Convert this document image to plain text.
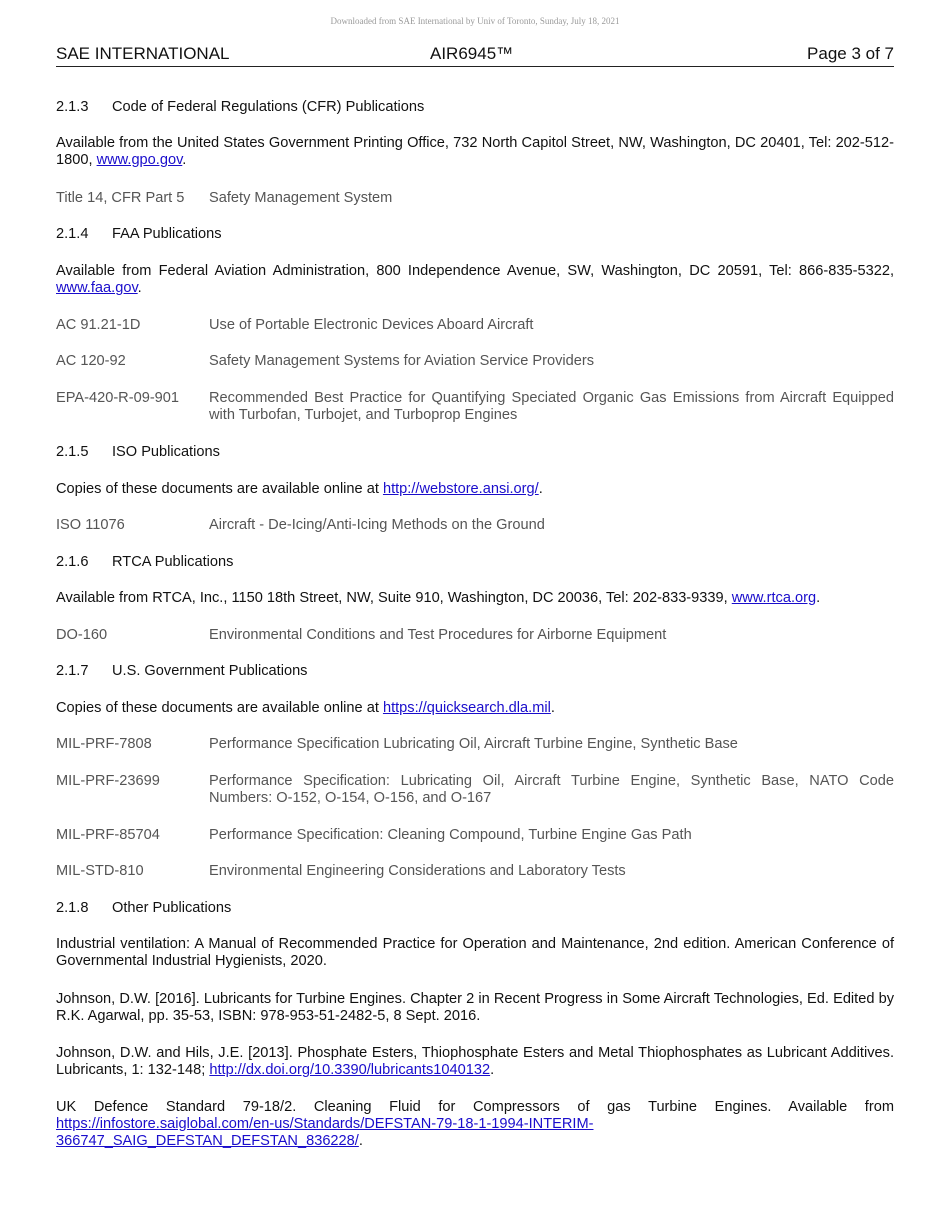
Downloaded from SAE International by Univ of Toronto, Sunday, July 18, 2021
SAE INTERNATIONAL	AIR6945™	Page 3 of 7
2.1.3 Code of Federal Regulations (CFR) Publications
Available from the United States Government Printing Office, 732 North Capitol Street, NW, Washington, DC 20401, Tel: 202-512-1800, www.gpo.gov.
Title 14, CFR Part 5	Safety Management System
2.1.4 FAA Publications
Available from Federal Aviation Administration, 800 Independence Avenue, SW, Washington, DC 20591, Tel: 866-835-5322, www.faa.gov.
AC 91.21-1D	Use of Portable Electronic Devices Aboard Aircraft
AC 120-92	Safety Management Systems for Aviation Service Providers
EPA-420-R-09-901	Recommended Best Practice for Quantifying Speciated Organic Gas Emissions from Aircraft Equipped with Turbofan, Turbojet, and Turboprop Engines
2.1.5 ISO Publications
Copies of these documents are available online at http://webstore.ansi.org/.
ISO 11076	Aircraft - De-Icing/Anti-Icing Methods on the Ground
2.1.6 RTCA Publications
Available from RTCA, Inc., 1150 18th Street, NW, Suite 910, Washington, DC 20036, Tel: 202-833-9339, www.rtca.org.
DO-160	Environmental Conditions and Test Procedures for Airborne Equipment
2.1.7 U.S. Government Publications
Copies of these documents are available online at https://quicksearch.dla.mil.
MIL-PRF-7808	Performance Specification Lubricating Oil, Aircraft Turbine Engine, Synthetic Base
MIL-PRF-23699	Performance Specification: Lubricating Oil, Aircraft Turbine Engine, Synthetic Base, NATO Code Numbers: O-152, O-154, O-156, and O-167
MIL-PRF-85704	Performance Specification: Cleaning Compound, Turbine Engine Gas Path
MIL-STD-810	Environmental Engineering Considerations and Laboratory Tests
2.1.8 Other Publications
Industrial ventilation: A Manual of Recommended Practice for Operation and Maintenance, 2nd edition. American Conference of Governmental Industrial Hygienists, 2020.
Johnson, D.W. [2016]. Lubricants for Turbine Engines. Chapter 2 in Recent Progress in Some Aircraft Technologies, Ed. Edited by R.K. Agarwal, pp. 35-53, ISBN: 978-953-51-2482-5, 8 Sept. 2016.
Johnson, D.W. and Hils, J.E. [2013]. Phosphate Esters, Thiophosphate Esters and Metal Thiophosphates as Lubricant Additives. Lubricants, 1: 132-148; http://dx.doi.org/10.3390/lubricants1040132.
UK Defence Standard 79-18/2. Cleaning Fluid for Compressors of gas Turbine Engines. Available from https://infostore.saiglobal.com/en-us/Standards/DEFSTAN-79-18-1-1994-INTERIM-
366747_SAIG_DEFSTAN_DEFSTAN_836228/.
